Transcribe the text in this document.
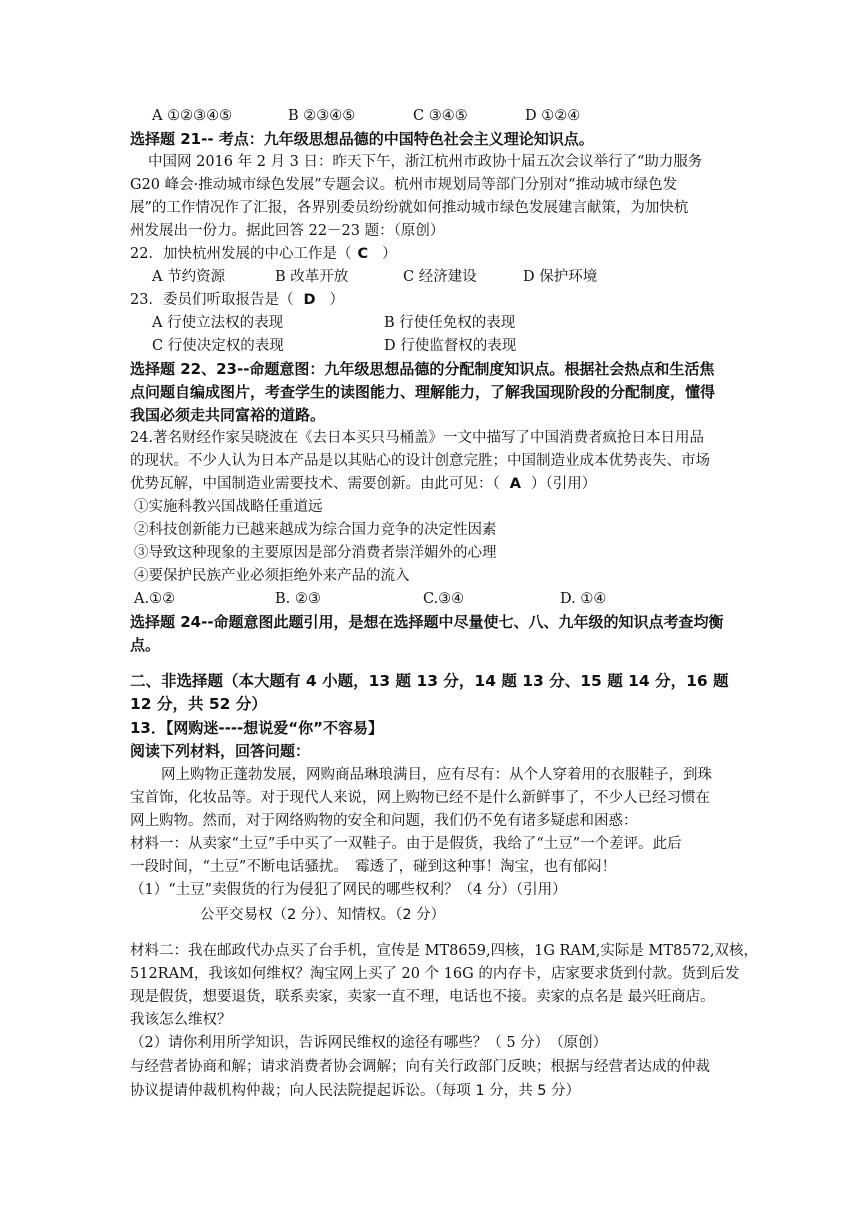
A ①②③④⑤	B ②③④⑤	C ③④⑤	D ①②④
选择题 21-- 考点：九年级思想品德的中国特色社会主义理论知识点。
中国网 2016 年 2 月 3 日：昨天下午，浙江杭州市政协十届五次会议举行了“助力服务
G20 峰会·推动城市绿色发展”专题会议。杭州市规划局等部门分别对“推动城市绿色发
展”的工作情况作了汇报，各界别委员纷纷就如何推动城市绿色发展建言献策，为加快杭
州发展出一份力。据此回答 22－23 题：（原创）
22．加快杭州发展的中心工作是（ C ）
A 节约资源	B 改革开放	C 经济建设	D 保护环境
23．委员们听取报告是（ D ）
A 行使立法权的表现	B 行使任免权的表现
C 行使决定权的表现	D 行使监督权的表现
选择题 22、23--命题意图：九年级思想品德的分配制度知识点。根据社会热点和生活焦
点问题自编成图片，考查学生的读图能力、理解能力，了解我国现阶段的分配制度，懂得
我国必须走共同富裕的道路。
24.著名财经作家吴晓波在《去日本买只马桶盖》一文中描写了中国消费者疯抢日本日用品
的现状。不少人认为日本产品是以其贴心的设计创意完胜；中国制造业成本优势丧失、市场
优势瓦解，中国制造业需要技术、需要创新。由此可见：（ A ）（引用）
①实施科教兴国战略任重道远
②科技创新能力已越来越成为综合国力竞争的决定性因素
③导致这种现象的主要原因是部分消费者崇洋媚外的心理
④要保护民族产业必须拒绝外来产品的流入
A.①②	B. ②③	C.③④	D. ①④
选择题 24--命题意图此题引用，是想在选择题中尽量使七、八、九年级的知识点考查均衡
点。
二、非选择题（本大题有 4 小题，13 题 13 分，14 题 13 分、15 题 14 分，16 题
12 分，共 52 分）
13．【网购迷----想说爱“你”不容易】
阅读下列材料，回答问题：
网上购物正蓬勃发展，网购商品琳琅满目，应有尽有：从个人穿着用的衣服鞋子，到珠
宝首饰，化妆品等。对于现代人来说，网上购物已经不是什么新鲜事了，不少人已经习惯在
网上购物。然而，对于网络购物的安全和问题，我们仍不免有诸多疑虑和困惑：
材料一：从卖家“土豆”手中买了一双鞋子。由于是假货，我给了“土豆”一个差评。此后
一段时间，“土豆”不断电话骚扰。　霉透了，碰到这种事！淘宝，也有郁闷！
（1）“土豆”卖假货的行为侵犯了网民的哪些权利？（4 分）（引用）
公平交易权（2 分）、知情权。（2 分）
材料二：我在邮政代办点买了台手机，宣传是 MT8659,四核，1G RAM,实际是 MT8572,双核，
512RAM，我该如何维权？淘宝网上买了 20 个 16G 的内存卡，店家要求货到付款。货到后发
现是假货，想要退货，联系卖家，卖家一直不理，电话也不接。卖家的点名是 最兴旺商店。
我该怎么维权？
（2）请你利用所学知识，告诉网民维权的途径有哪些？（ 5 分）　（原创）
与经营者协商和解；请求消费者协会调解；向有关行政部门反映；根据与经营者达成的仲裁
协议提请仲裁机构仲裁；向人民法院提起诉讼。（每项 1 分，共 5 分）
